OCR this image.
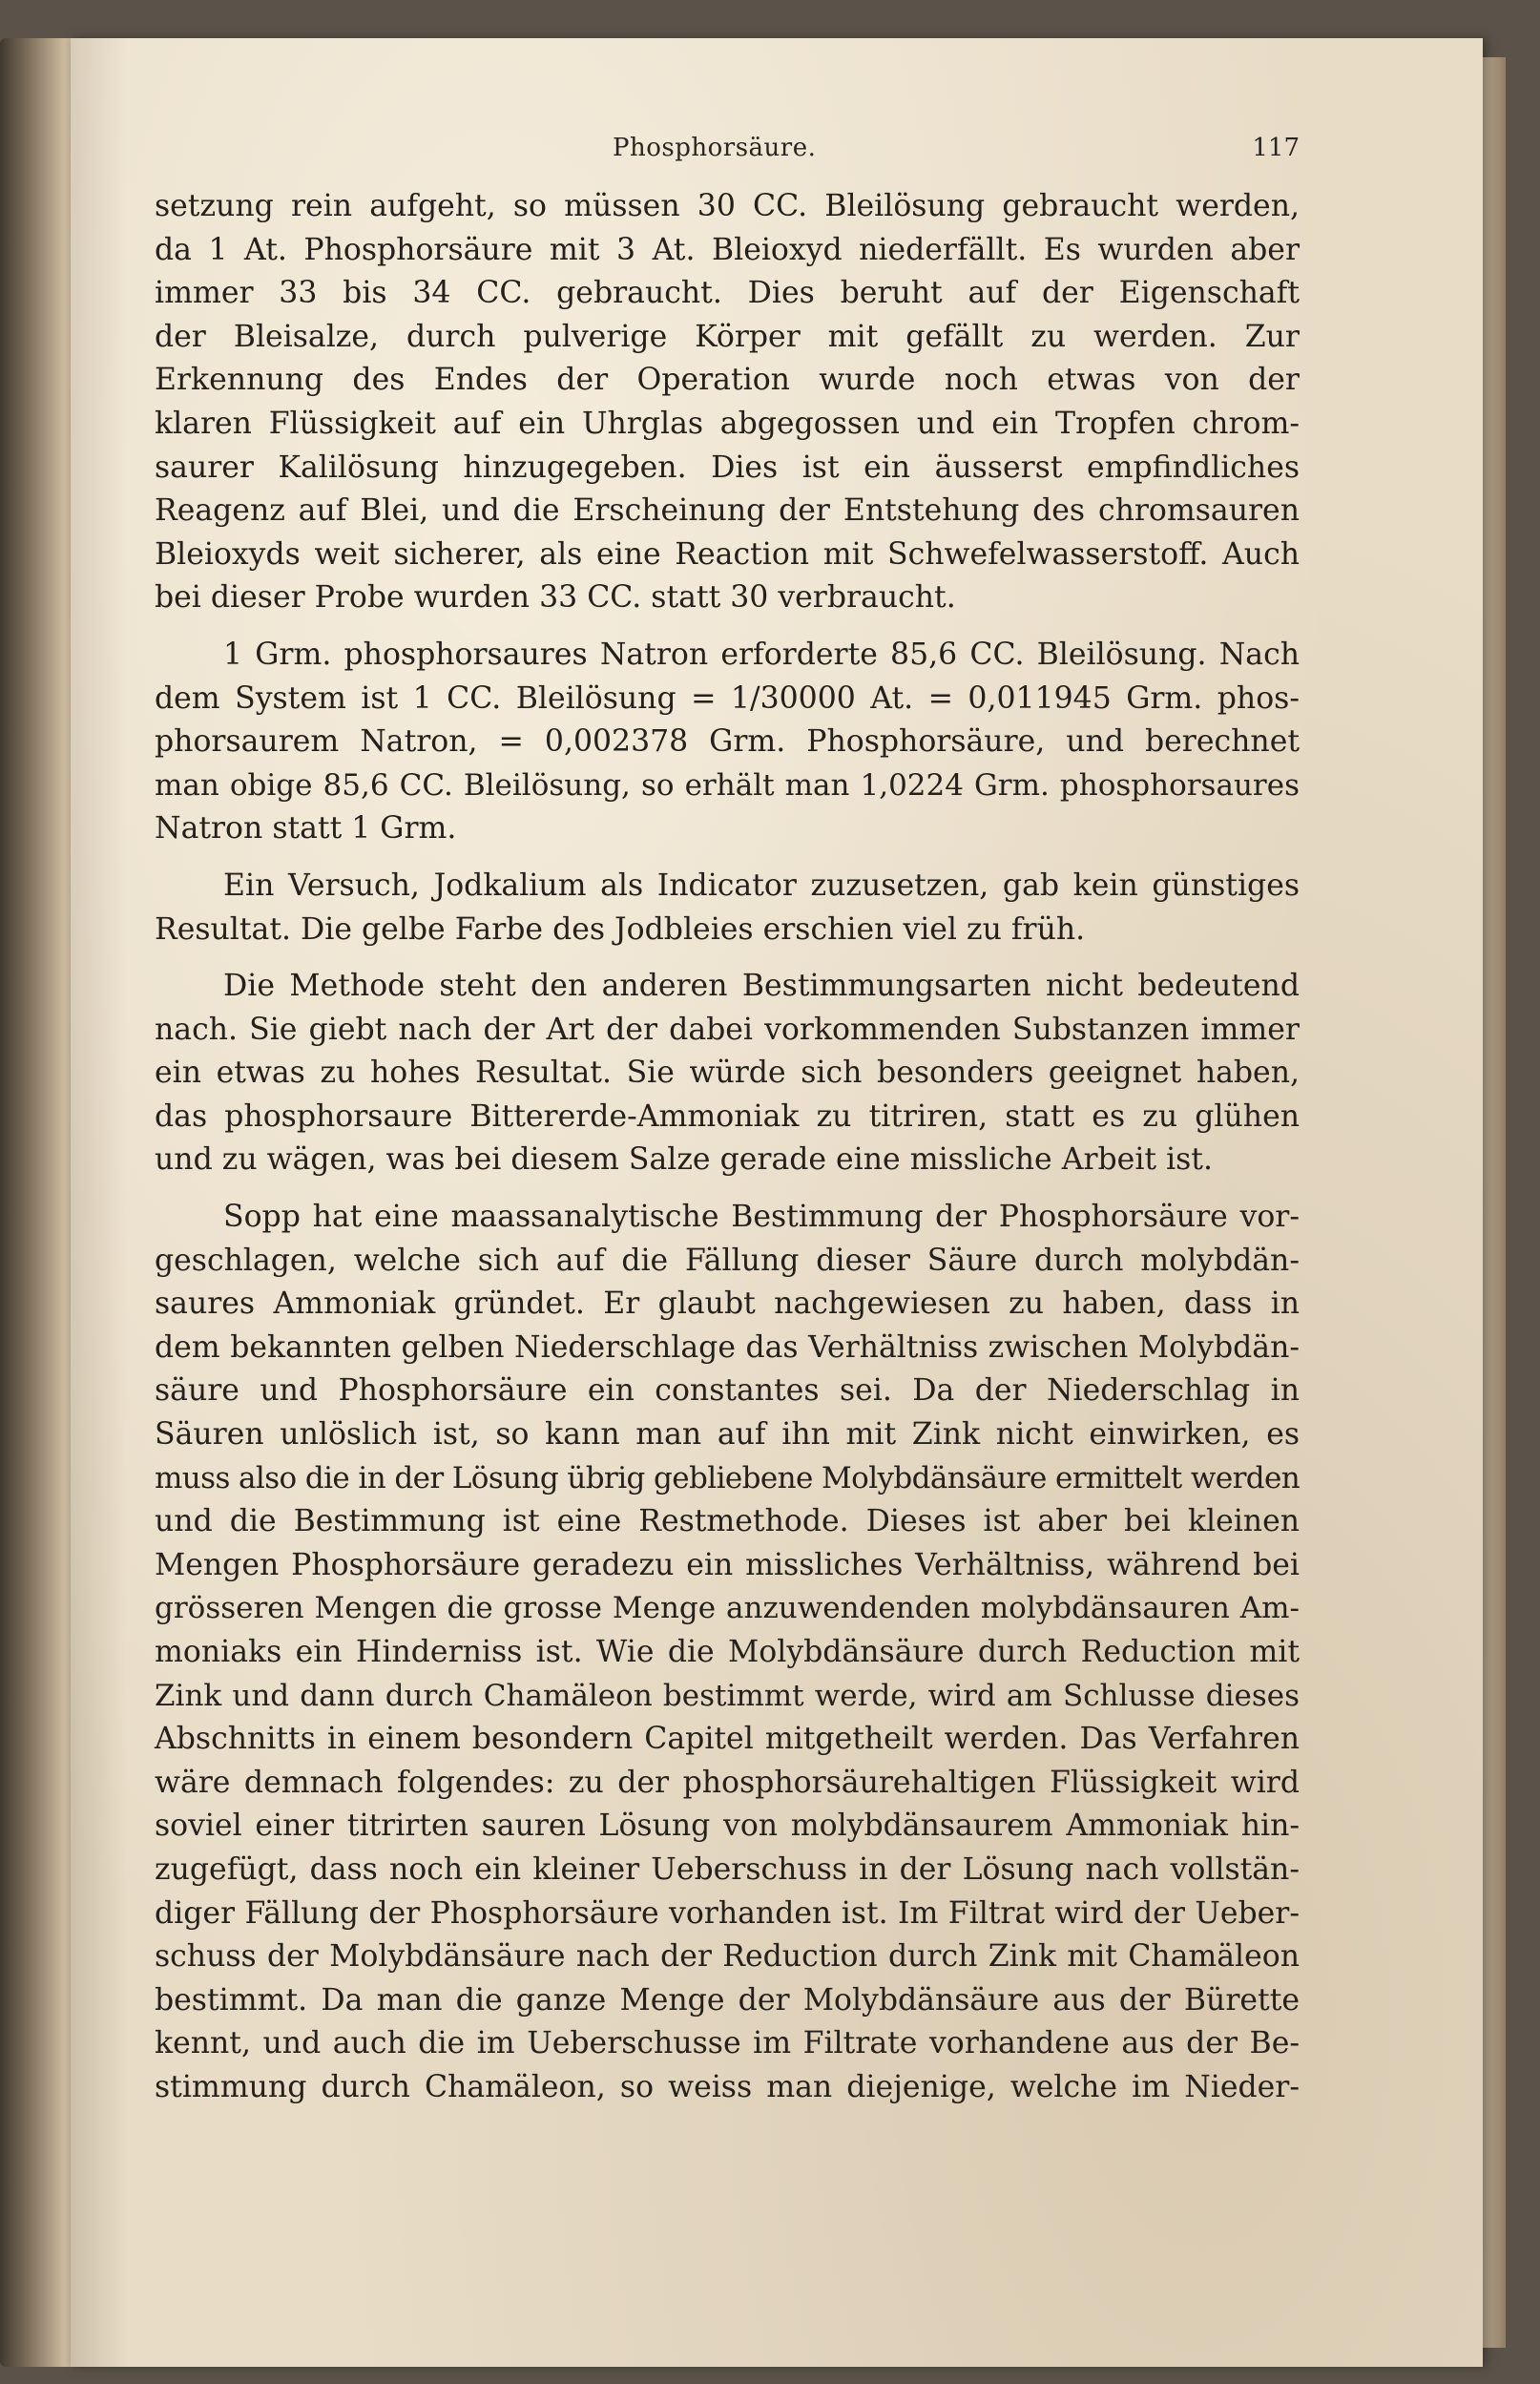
Phosphorsäure.	117
setzung rein aufgeht, so müssen 30 CC. Bleilösung gebraucht werden,
da 1 At. Phosphorsäure mit 3 At. Bleioxyd niederfällt. Es wurden aber
immer 33 bis 34 CC. gebraucht. Dies beruht auf der Eigenschaft
der Bleisalze, durch pulverige Körper mit gefällt zu werden. Zur
Erkennung des Endes der Operation wurde noch etwas von der
klaren Flüssigkeit auf ein Uhrglas abgegossen und ein Tropfen chrom-
saurer Kalilösung hinzugegeben. Dies ist ein äusserst empfindliches
Reagenz auf Blei, und die Erscheinung der Entstehung des chromsauren
Bleioxyds weit sicherer, als eine Reaction mit Schwefelwasserstoff. Auch
bei dieser Probe wurden 33 CC. statt 30 verbraucht.
1 Grm. phosphorsaures Natron erforderte 85,6 CC. Bleilösung. Nach
dem System ist 1 CC. Bleilösung = 1/30000 At. = 0,011945 Grm. phos-
phorsaurem Natron, = 0,002378 Grm. Phosphorsäure, und berechnet
man obige 85,6 CC. Bleilösung, so erhält man 1,0224 Grm. phosphorsaures
Natron statt 1 Grm.
Ein Versuch, Jodkalium als Indicator zuzusetzen, gab kein günstiges
Resultat. Die gelbe Farbe des Jodbleies erschien viel zu früh.
Die Methode steht den anderen Bestimmungsarten nicht bedeutend
nach. Sie giebt nach der Art der dabei vorkommenden Substanzen immer
ein etwas zu hohes Resultat. Sie würde sich besonders geeignet haben,
das phosphorsaure Bittererde-Ammoniak zu titriren, statt es zu glühen
und zu wägen, was bei diesem Salze gerade eine missliche Arbeit ist.
Sopp hat eine maassanalytische Bestimmung der Phosphorsäure vor-
geschlagen, welche sich auf die Fällung dieser Säure durch molybdän-
saures Ammoniak gründet. Er glaubt nachgewiesen zu haben, dass in
dem bekannten gelben Niederschlage das Verhältniss zwischen Molybdän-
säure und Phosphorsäure ein constantes sei. Da der Niederschlag in
Säuren unlöslich ist, so kann man auf ihn mit Zink nicht einwirken, es
muss also die in der Lösung übrig gebliebene Molybdänsäure ermittelt werden
und die Bestimmung ist eine Restmethode. Dieses ist aber bei kleinen
Mengen Phosphorsäure geradezu ein missliches Verhältniss, während bei
grösseren Mengen die grosse Menge anzuwendenden molybdänsauren Am-
moniaks ein Hinderniss ist. Wie die Molybdänsäure durch Reduction mit
Zink und dann durch Chamäleon bestimmt werde, wird am Schlusse dieses
Abschnitts in einem besondern Capitel mitgetheilt werden. Das Verfahren
wäre demnach folgendes: zu der phosphorsäurehaltigen Flüssigkeit wird
soviel einer titrirten sauren Lösung von molybdänsaurem Ammoniak hin-
zugefügt, dass noch ein kleiner Ueberschuss in der Lösung nach vollstän-
diger Fällung der Phosphorsäure vorhanden ist. Im Filtrat wird der Ueber-
schuss der Molybdänsäure nach der Reduction durch Zink mit Chamäleon
bestimmt. Da man die ganze Menge der Molybdänsäure aus der Bürette
kennt, und auch die im Ueberschusse im Filtrate vorhandene aus der Be-
stimmung durch Chamäleon, so weiss man diejenige, welche im Nieder-
